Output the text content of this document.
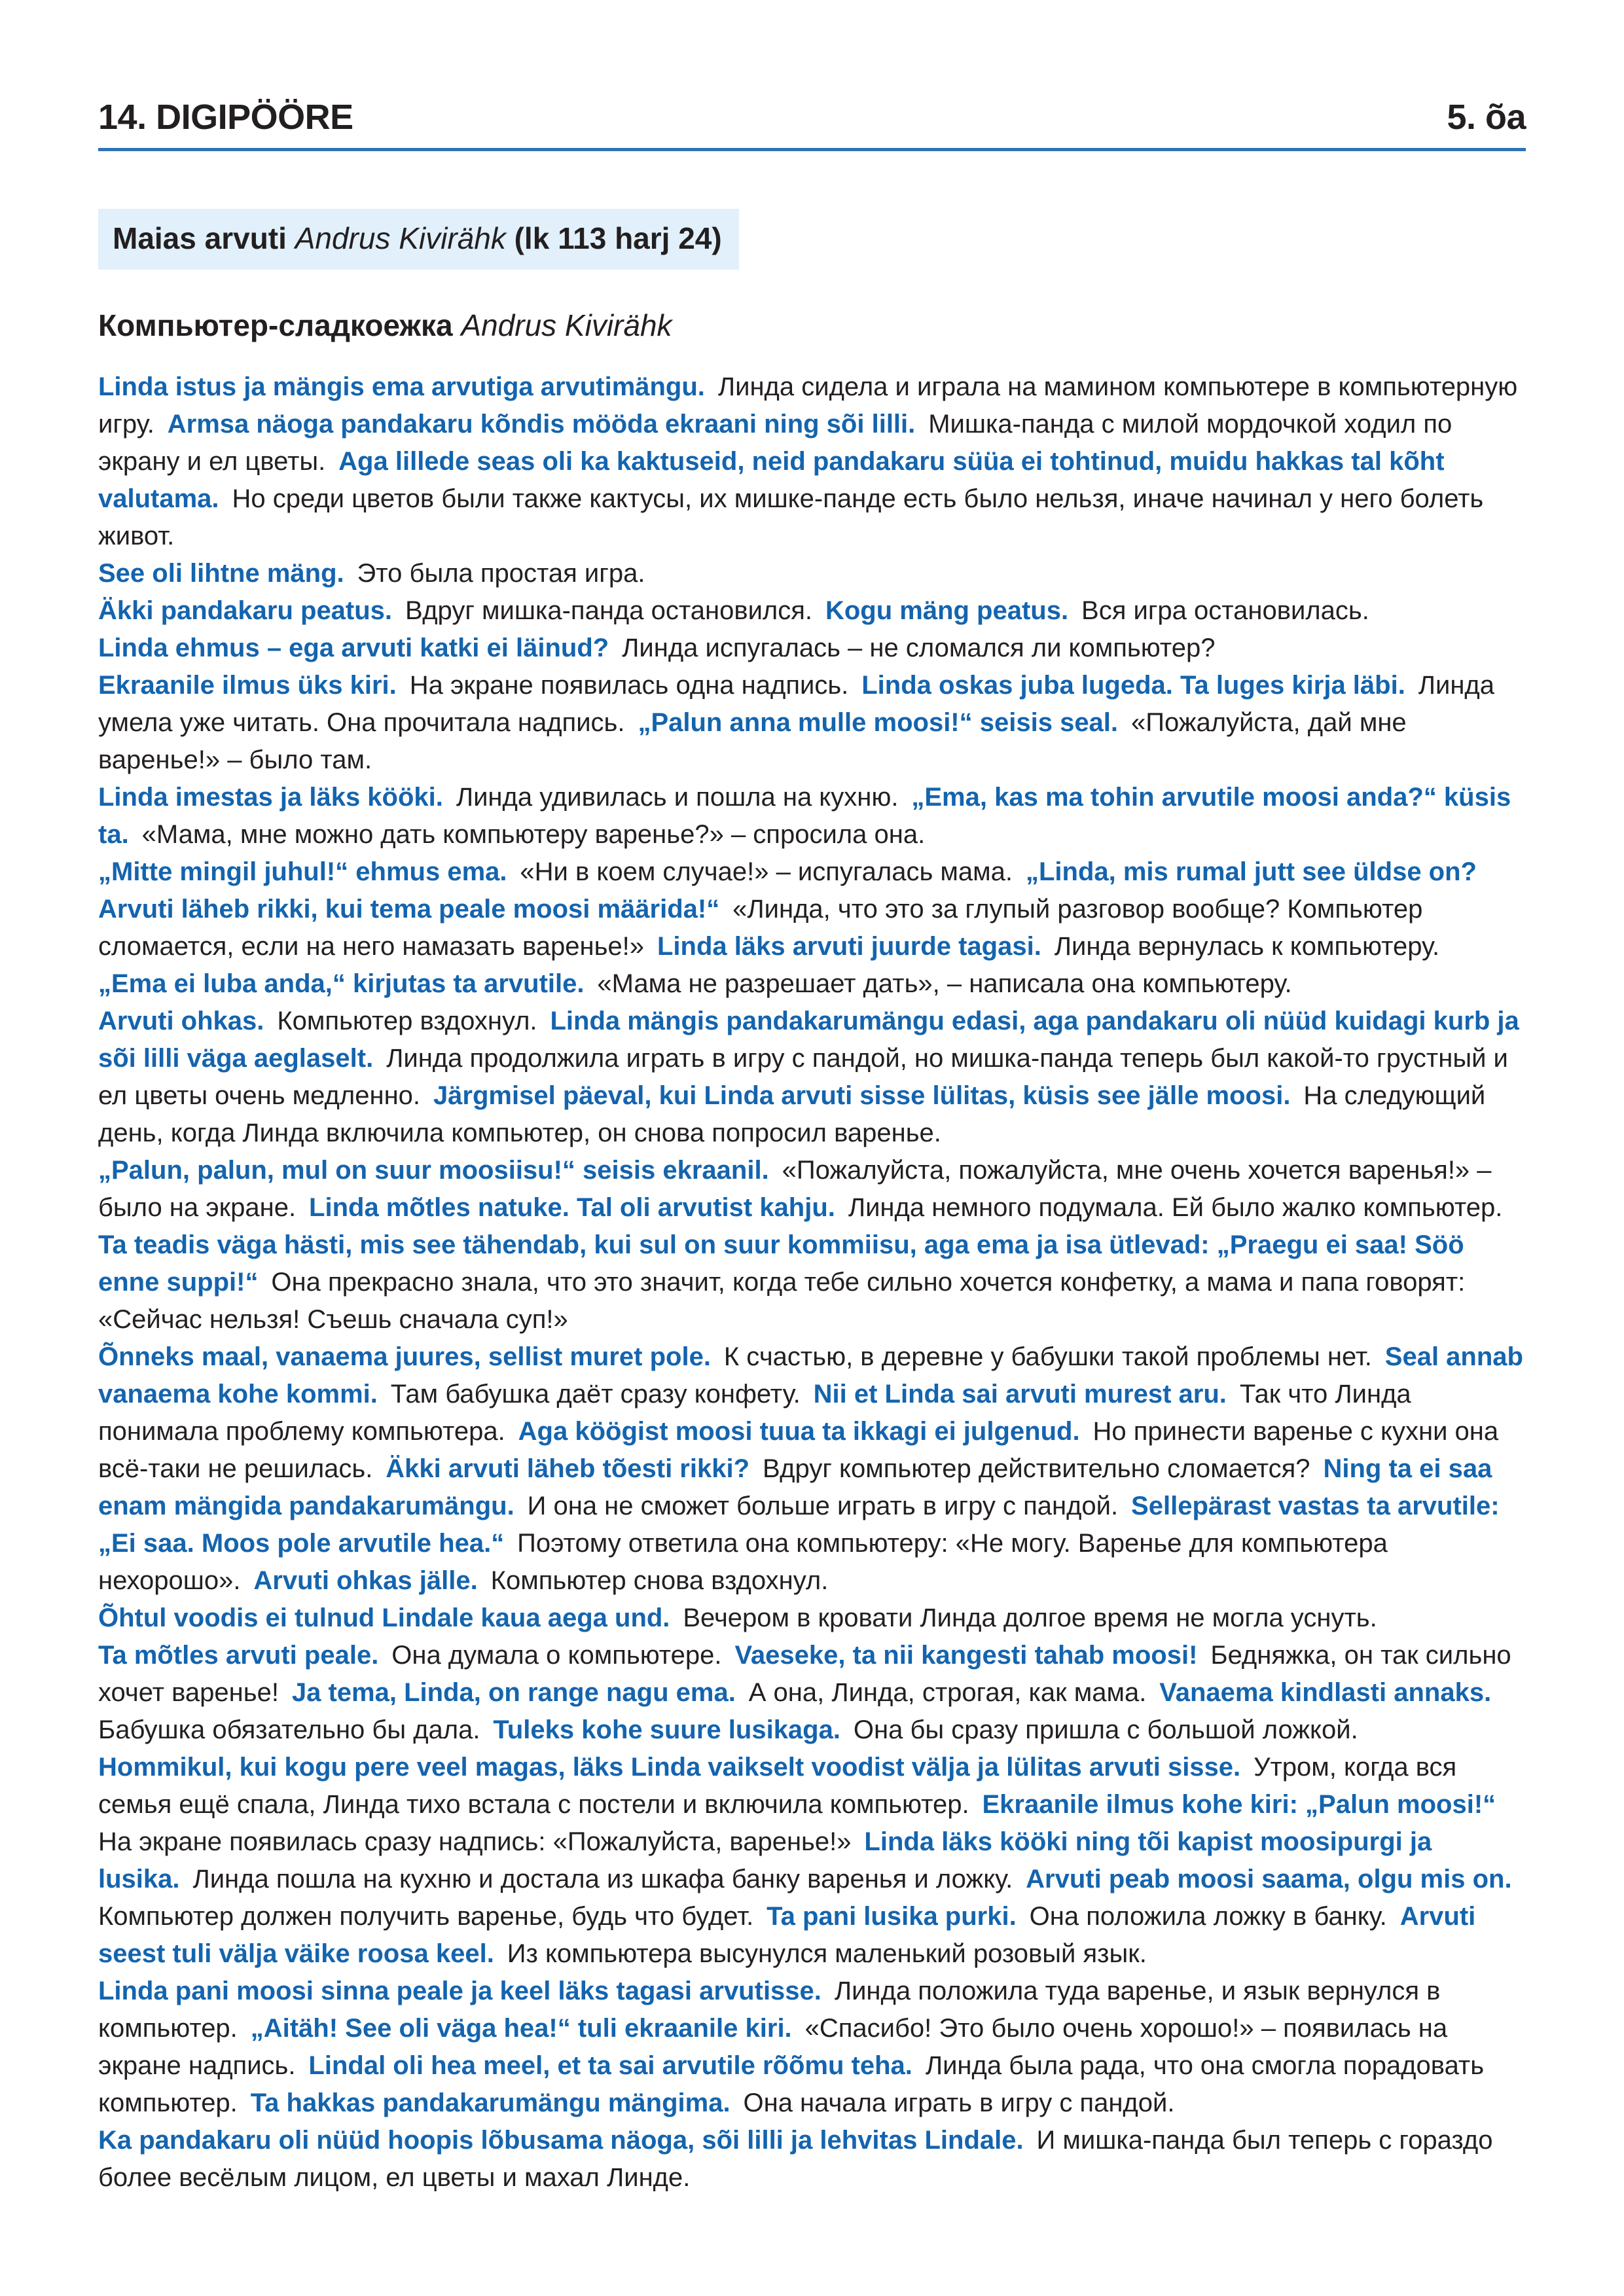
14. DIGIPÖÖRE	5. õa
Maias arvuti Andrus Kivirähk (lk 113 harj 24)
Компьютер-сладкоежка Andrus Kivirähk

Linda istus ja mängis ema arvutiga arvutimängu. Линда сидела и играла на мамином компьютере в компьютерную игру. Armsa näoga pandakaru kõndis mööda ekraani ning sõi lilli. Мишка-панда с милой мордочкой ходил по экрану и ел цветы. Aga lillede seas oli ka kaktuseid, neid pandakaru süüa ei tohtinud, muidu hakkas tal kõht valutama. Но среди цветов были также кактусы, их мишке-панде есть было нельзя, иначе начинал у него болеть живот.

See oli lihtne mäng. Это была простая игра.

Äkki pandakaru peatus. Вдруг мишка-панда остановился. Kogu mäng peatus. Вся игра остановилась.

Linda ehmus – ega arvuti katki ei läinud? Линда испугалась – не сломался ли компьютер?

Ekraanile ilmus üks kiri. На экране появилась одна надпись. Linda oskas juba lugeda. Ta luges kirja läbi. Линда умела уже читать. Она прочитала надпись. „Palun anna mulle moosi!“ seisis seal. «Пожалуйста, дай мне варенье!» – было там.

Linda imestas ja läks kööki. Линда удивилась и пошла на кухню. „Ema, kas ma tohin arvutile moosi anda?“ küsis ta. «Мама, мне можно дать компьютеру варенье?» – спросила она.

„Mitte mingil juhul!“ ehmus ema. «Ни в коем случае!» – испугалась мама. „Linda, mis rumal jutt see üldse on? Arvuti läheb rikki, kui tema peale moosi määrida!“ «Линда, что это за глупый разговор вообще? Компьютер сломается, если на него намазать варенье!» Linda läks arvuti juurde tagasi. Линда вернулась к компьютеру.

„Ema ei luba anda,“ kirjutas ta arvutile. «Мама не разрешает дать», – написала она компьютеру.

Arvuti ohkas. Компьютер вздохнул. Linda mängis pandakarumängu edasi, aga pandakaru oli nüüd kuidagi kurb ja sõi lilli väga aeglaselt. Линда продолжила играть в игру с пандой, но мишка-панда теперь был какой-то грустный и ел цветы очень медленно. Järgmisel päeval, kui Linda arvuti sisse lülitas, küsis see jälle moosi. На следующий день, когда Линда включила компьютер, он снова попросил варенье.

„Palun, palun, mul on suur moosiisu!“ seisis ekraanil. «Пожалуйста, пожалуйста, мне очень хочется варенья!» – было на экране. Linda mõtles natuke. Tal oli arvutist kahju. Линда немного подумала. Ей было жалко компьютер. Ta teadis väga hästi, mis see tähendab, kui sul on suur kommiisu, aga ema ja isa ütlevad: „Praegu ei saa! Söö enne suppi!“ Она прекрасно знала, что это значит, когда тебе сильно хочется конфетку, а мама и папа говорят: «Сейчас нельзя! Съешь сначала суп!»

Õnneks maal, vanaema juures, sellist muret pole. К счастью, в деревне у бабушки такой проблемы нет. Seal annab vanaema kohe kommi. Там бабушка даёт сразу конфету. Nii et Linda sai arvuti murest aru. Так что Линда понимала проблему компьютера. Aga köögist moosi tuua ta ikkagi ei julgenud. Но принести варенье с кухни она всё-таки не решилась. Äkki arvuti läheb tõesti rikki? Вдруг компьютер действительно сломается? Ning ta ei saa enam mängida pandakarumängu. И она не сможет больше играть в игру с пандой. Sellepärast vastas ta arvutile: „Ei saa. Moos pole arvutile hea.“ Поэтому ответила она компьютеру: «Не могу. Варенье для компьютера нехорошо». Arvuti ohkas jälle. Компьютер снова вздохнул.

Õhtul voodis ei tulnud Lindale kaua aega und. Вечером в кровати Линда долгое время не могла уснуть.

Ta mõtles arvuti peale. Она думала о компьютере. Vaeseke, ta nii kangesti tahab moosi! Бедняжка, он так сильно хочет варенье! Ja tema, Linda, on range nagu ema. А она, Линда, строгая, как мама. Vanaema kindlasti annaks. Бабушка обязательно бы дала. Tuleks kohe suure lusikaga. Она бы сразу пришла с большой ложкой.

Hommikul, kui kogu pere veel magas, läks Linda vaikselt voodist välja ja lülitas arvuti sisse. Утром, когда вся семья ещё спала, Линда тихо встала с постели и включила компьютер. Ekraanile ilmus kohe kiri: „Palun moosi!“ На экране появилась сразу надпись: «Пожалуйста, варенье!» Linda läks kööki ning tõi kapist moosipurgi ja lusika. Линда пошла на кухню и достала из шкафа банку варенья и ложку. Arvuti peab moosi saama, olgu mis on. Компьютер должен получить варенье, будь что будет. Ta pani lusika purki. Она положила ложку в банку. Arvuti seest tuli välja väike roosa keel. Из компьютера высунулся маленький розовый язык.

Linda pani moosi sinna peale ja keel läks tagasi arvutisse. Линда положила туда варенье, и язык вернулся в компьютер. „Aitäh! See oli väga hea!“ tuli ekraanile kiri. «Спасибо! Это было очень хорошо!» – появилась на экране надпись. Lindal oli hea meel, et ta sai arvutile rõõmu teha. Линда была рада, что она смогла порадовать компьютер. Ta hakkas pandakarumängu mängima. Она начала играть в игру с пандой.

Ka pandakaru oli nüüd hoopis lõbusama näoga, sõi lilli ja lehvitas Lindale. И мишка-панда был теперь с гораздо более весёлым лицом, ел цветы и махал Линде.
